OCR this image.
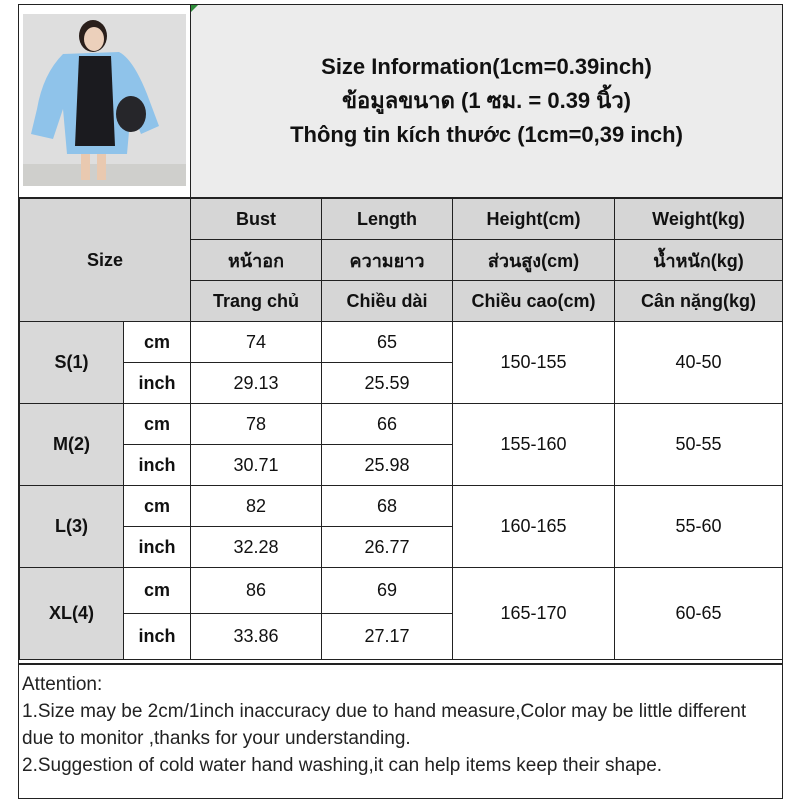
Size Information(1cm=0.39inch)
ข้อมูลขนาด (1 ซม. = 0.39 นิ้ว)
Thông tin kích thước (1cm=0,39 inch)
Size		Bust	Length	Height(cm)	Weight(kg)
		หน้าอก	ความยาว	ส่วนสูง(cm)	น้ำหนัก(kg)
		Trang chủ	Chiều dài	Chiều cao(cm)	Cân nặng(kg)
S(1)	cm	74	65	150-155	40-50
	inch	29.13	25.59		
M(2)	cm	78	66	155-160	50-55
	inch	30.71	25.98		
L(3)	cm	82	68	160-165	55-60
	inch	32.28	26.77		
XL(4)	cm	86	69	165-170	60-65
	inch	33.86	27.17		

Attention:

1.Size may be 2cm/1inch inaccuracy due to hand measure,Color may be little different due to monitor ,thanks for your understanding.

2.Suggestion of cold water hand washing,it can help items keep their shape.
